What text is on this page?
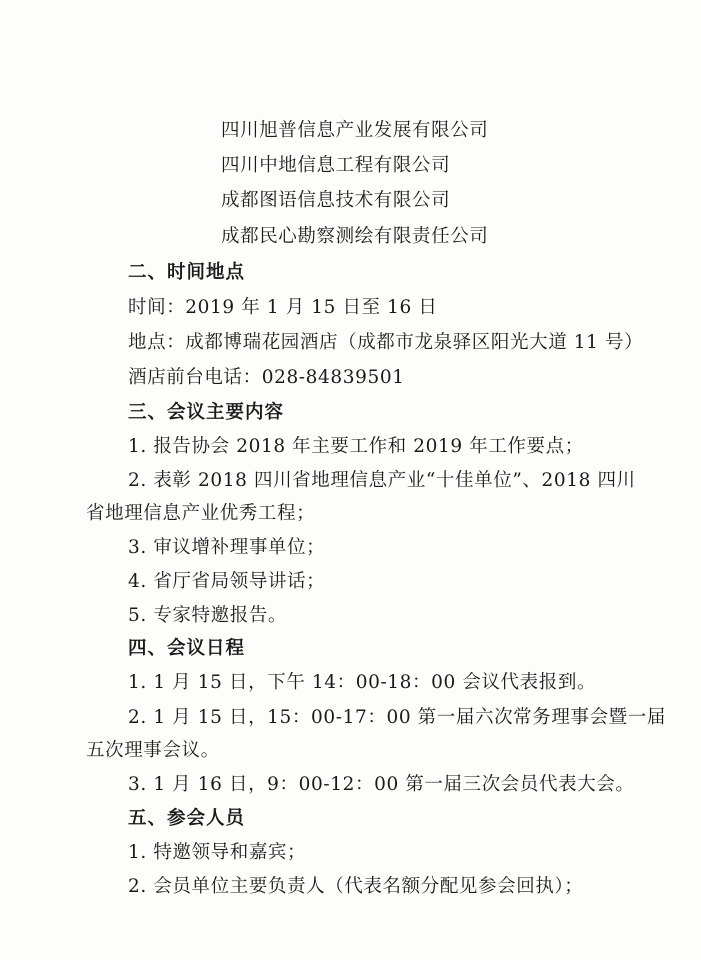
四川旭普信息产业发展有限公司
四川中地信息工程有限公司
成都图语信息技术有限公司
成都民心勘察测绘有限责任公司
二、时间地点
时间：2019 年 1 月 15 日至 16 日
地点：成都博瑞花园酒店（成都市龙泉驿区阳光大道 11 号）
酒店前台电话：028-84839501
三、会议主要内容
1. 报告协会 2018 年主要工作和 2019 年工作要点；
2. 表彰 2018 四川省地理信息产业“十佳单位”、2018 四川
省地理信息产业优秀工程；
3. 审议增补理事单位；
4. 省厅省局领导讲话；
5. 专家特邀报告。
四、会议日程
1. 1 月 15 日，下午 14：00-18：00 会议代表报到。
2. 1 月 15 日，15：00-17：00 第一届六次常务理事会暨一届
五次理事会议。
3. 1 月 16 日，9：00-12：00 第一届三次会员代表大会。
五、参会人员
1. 特邀领导和嘉宾；
2. 会员单位主要负责人（代表名额分配见参会回执）；
